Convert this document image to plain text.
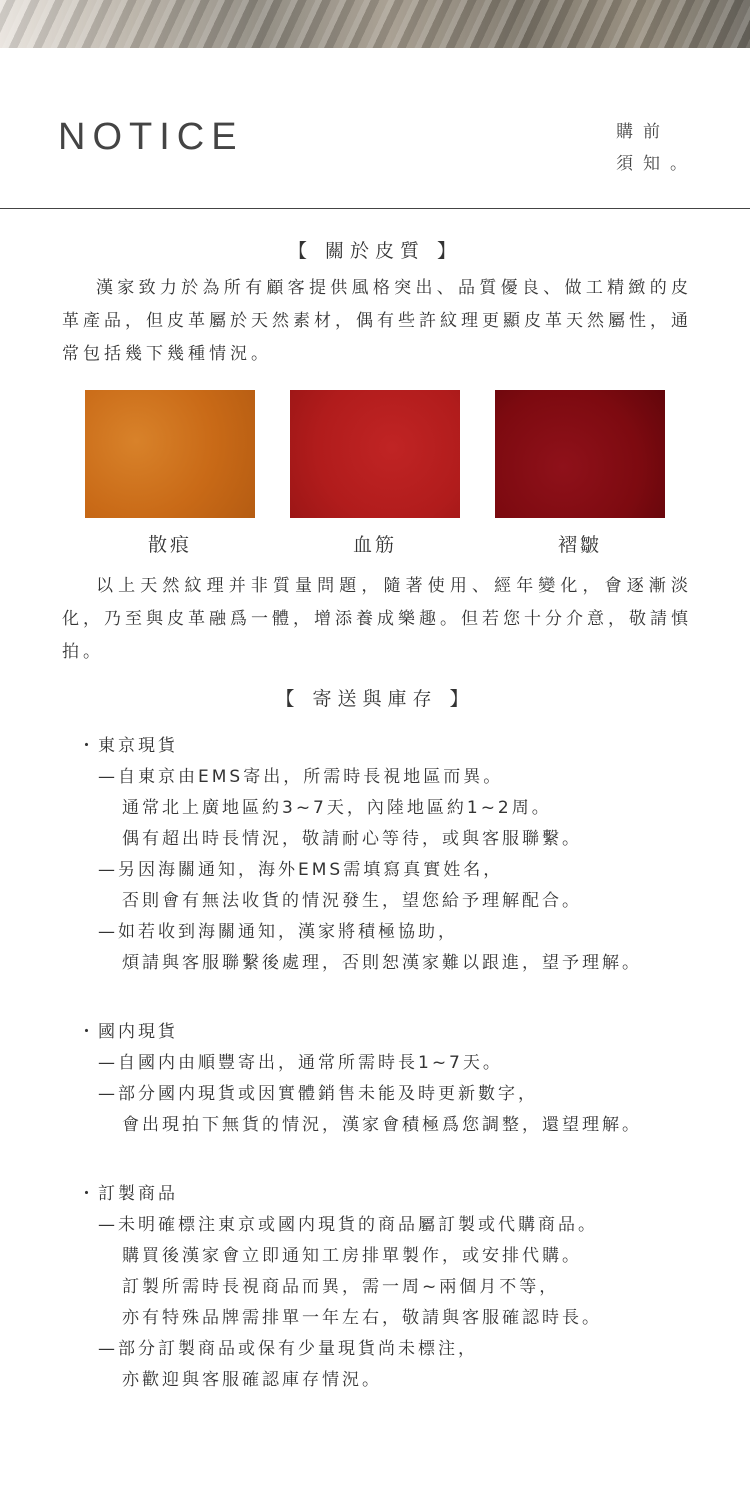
NOTICE	購前
須知。
【 關於皮質 】

漢家致力於為所有顧客提供風格突出、品質優良、做工精緻的皮革產品，但皮革屬於天然素材，偶有些許紋理更顯皮革天然屬性，通常包括幾下幾種情況。

散痕	血筋	褶皺

以上天然紋理并非質量問題，隨著使用、經年變化，會逐漸淡化，乃至與皮革融爲一體，增添養成樂趣。但若您十分介意，敬請慎拍。

【 寄送與庫存 】
・東京現貨
—自東京由EMS寄出，所需時長視地區而異。
通常北上廣地區約3~7天，內陸地區約1~2周。
偶有超出時長情況，敬請耐心等待，或與客服聯繫。
—另因海關通知，海外EMS需填寫真實姓名，
否則會有無法收貨的情況發生，望您給予理解配合。
—如若收到海關通知，漢家將積極協助，
煩請與客服聯繫後處理，否則恕漢家難以跟進，望予理解。
・國内現貨
—自國内由順豐寄出，通常所需時長1~7天。
—部分國内現貨或因實體銷售未能及時更新數字，
會出現拍下無貨的情況，漢家會積極爲您調整，還望理解。
・訂製商品
—未明確標注東京或國内現貨的商品屬訂製或代購商品。
購買後漢家會立即通知工房排單製作，或安排代購。
訂製所需時長視商品而異，需一周~兩個月不等，
亦有特殊品牌需排單一年左右，敬請與客服確認時長。
—部分訂製商品或保有少量現貨尚未標注，
亦歡迎與客服確認庫存情況。
